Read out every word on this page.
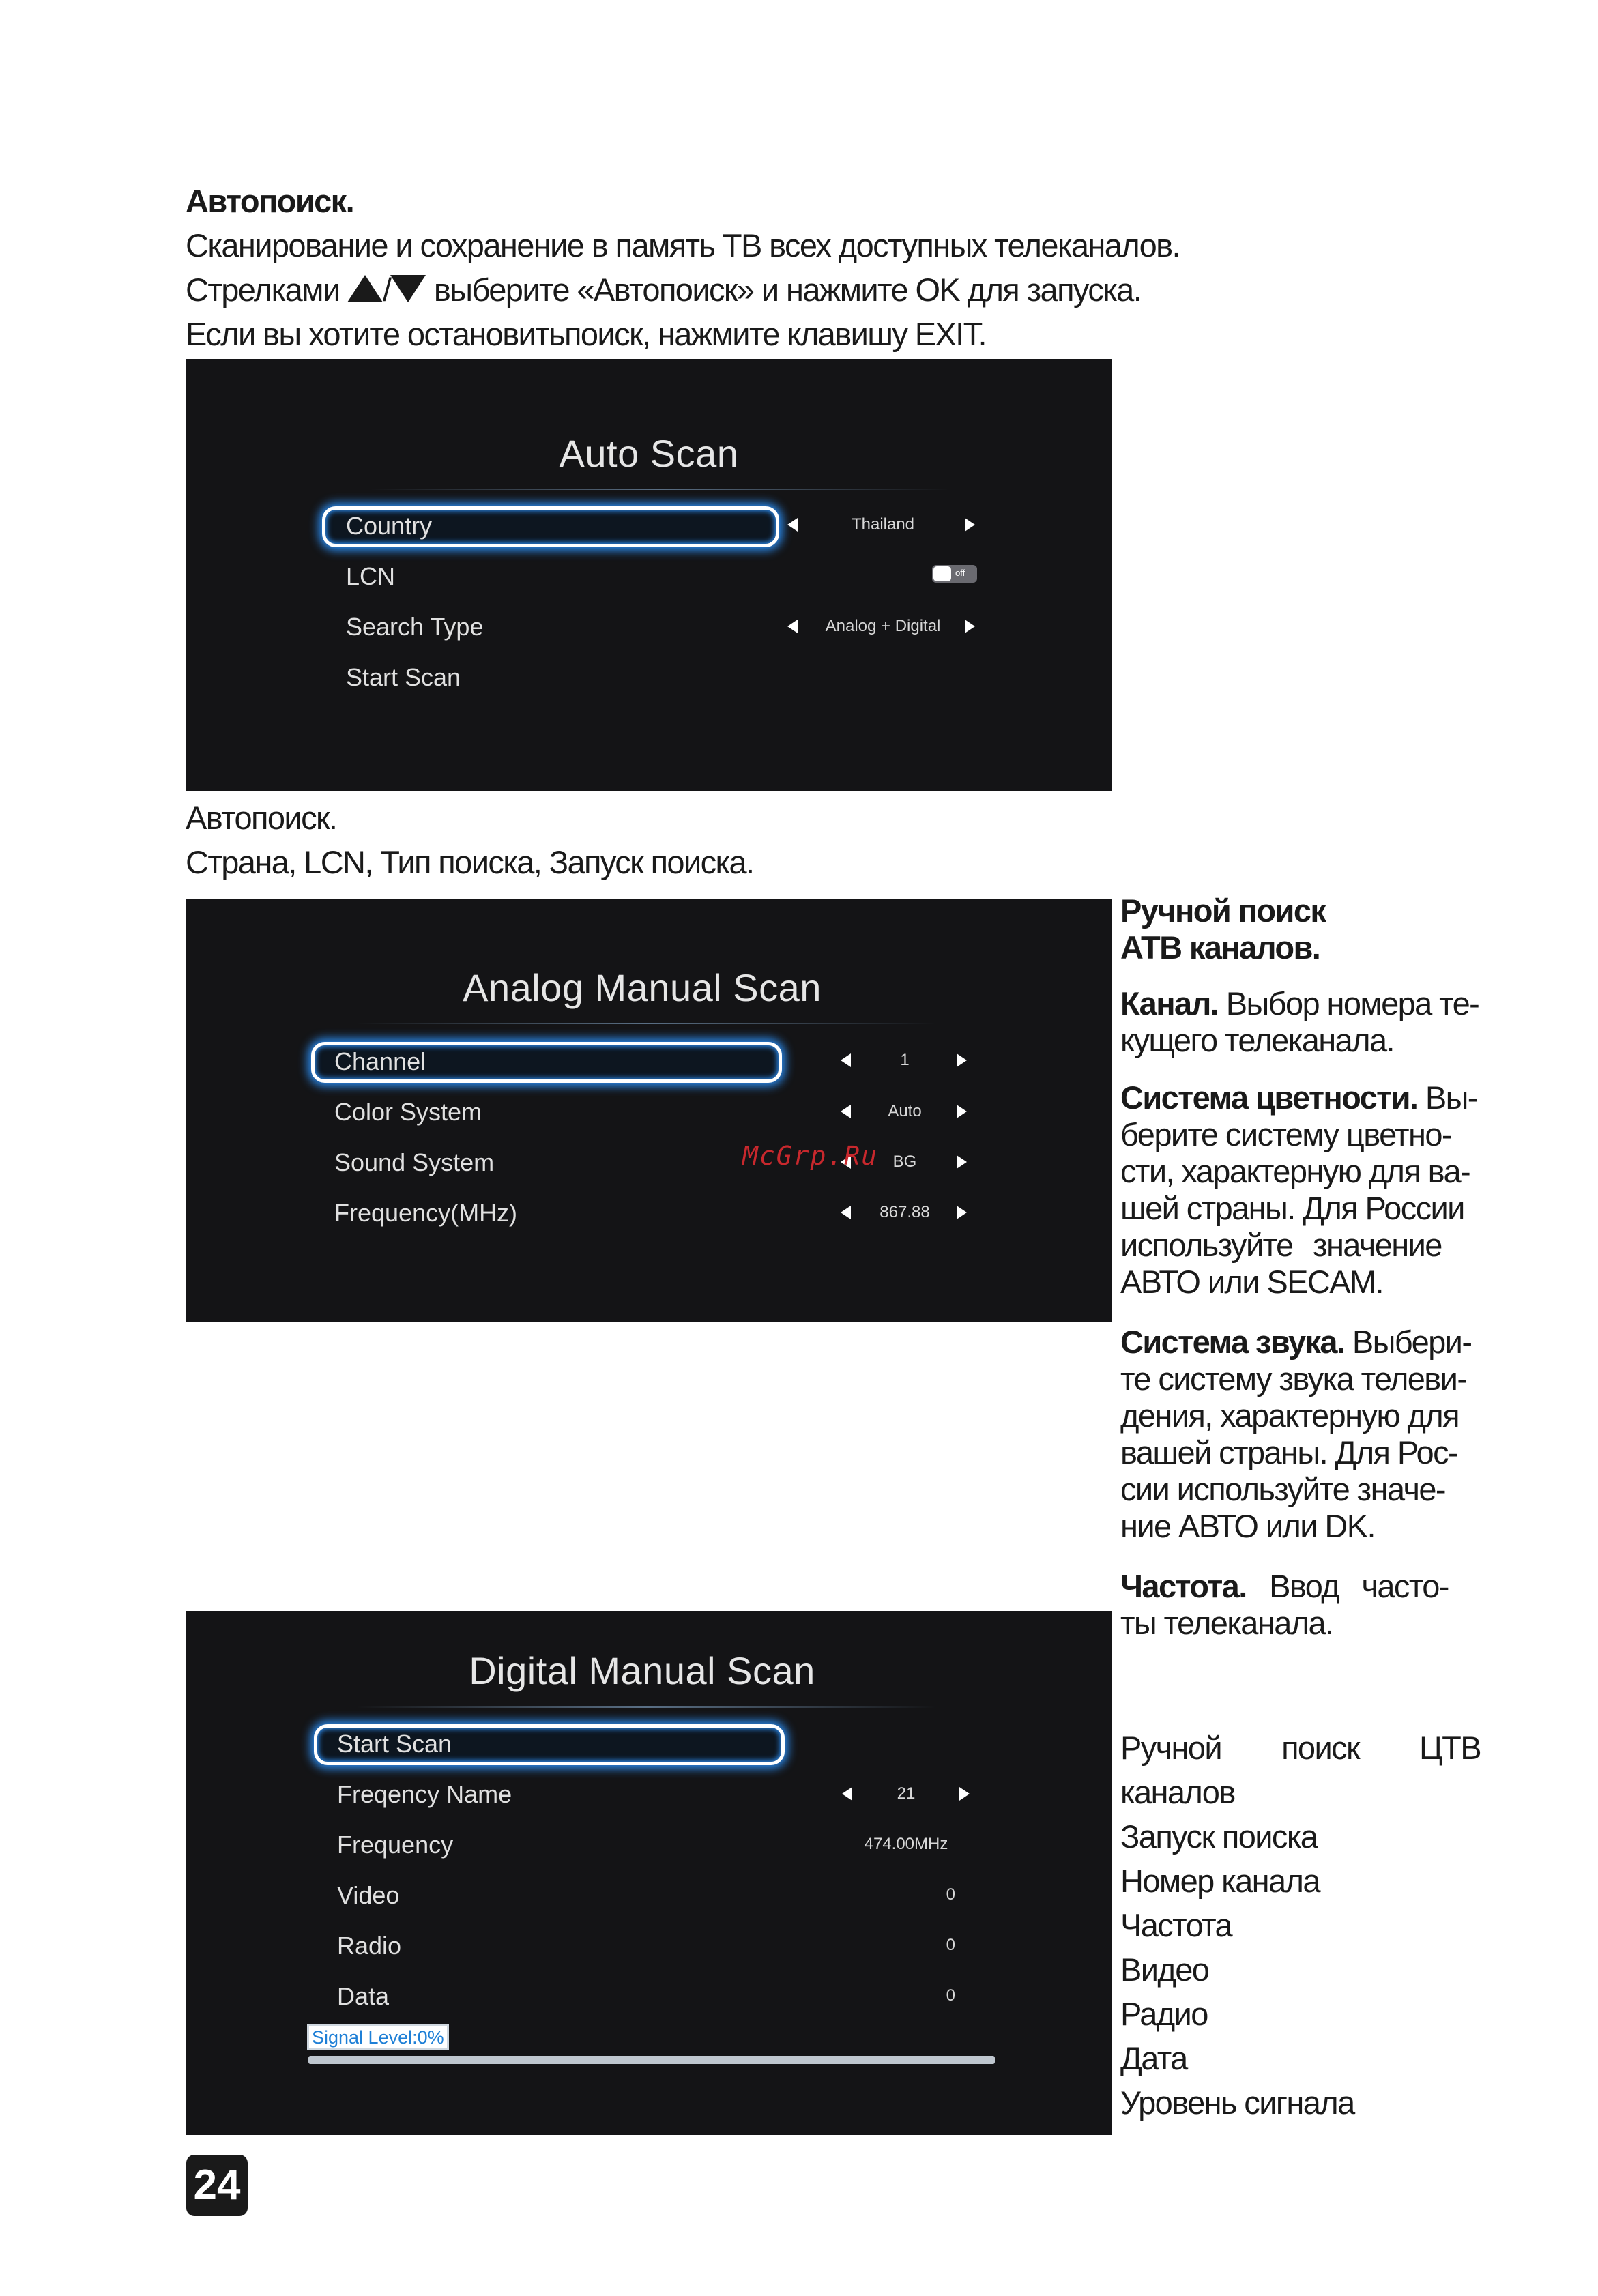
Автопоиск.
Сканирование и сохранение в память ТВ всех доступных телеканалов.
Стрелками / выберите «Автопоиск» и нажмите OK для запуска.
Если вы хотите остановитьпоиск, нажмите клавишу EXIT.
Auto Scan
Country	Thailand
LCN	off
Search Type	Analog + Digital
Start Scan
Автопоиск.
Страна, LCN, Тип поиска, Запуск поиска.
Analog Manual Scan
Channel	1
Color System	Auto
Sound System	BG
Frequency(MHz)	867.88
McGrp.Ru
Ручной поиск
АТВ каналов.
Канал. Выбор номера те-
кущего телеканала.
Система цветности. Вы-
берите систему цветно-
сти, характерную для ва-
шей страны. Для России
используйте значение
АВТО или SECAM.
Система звука. Выбери-
те систему звука телеви-
дения, характерную для
вашей страны. Для Рос-
сии используйте значе-
ние АВТО или DK.
Частота. Ввод часто-
ты телеканала.
Digital Manual Scan
Start Scan
Freqency Name	21
Frequency	474.00MHz
Video	0
Radio	0
Data	0
Signal Level:0%
Ручной поиск ЦТВ
каналов
Запуск поиска
Номер канала
Частота
Видео
Радио
Дата
Уровень сигнала
24
